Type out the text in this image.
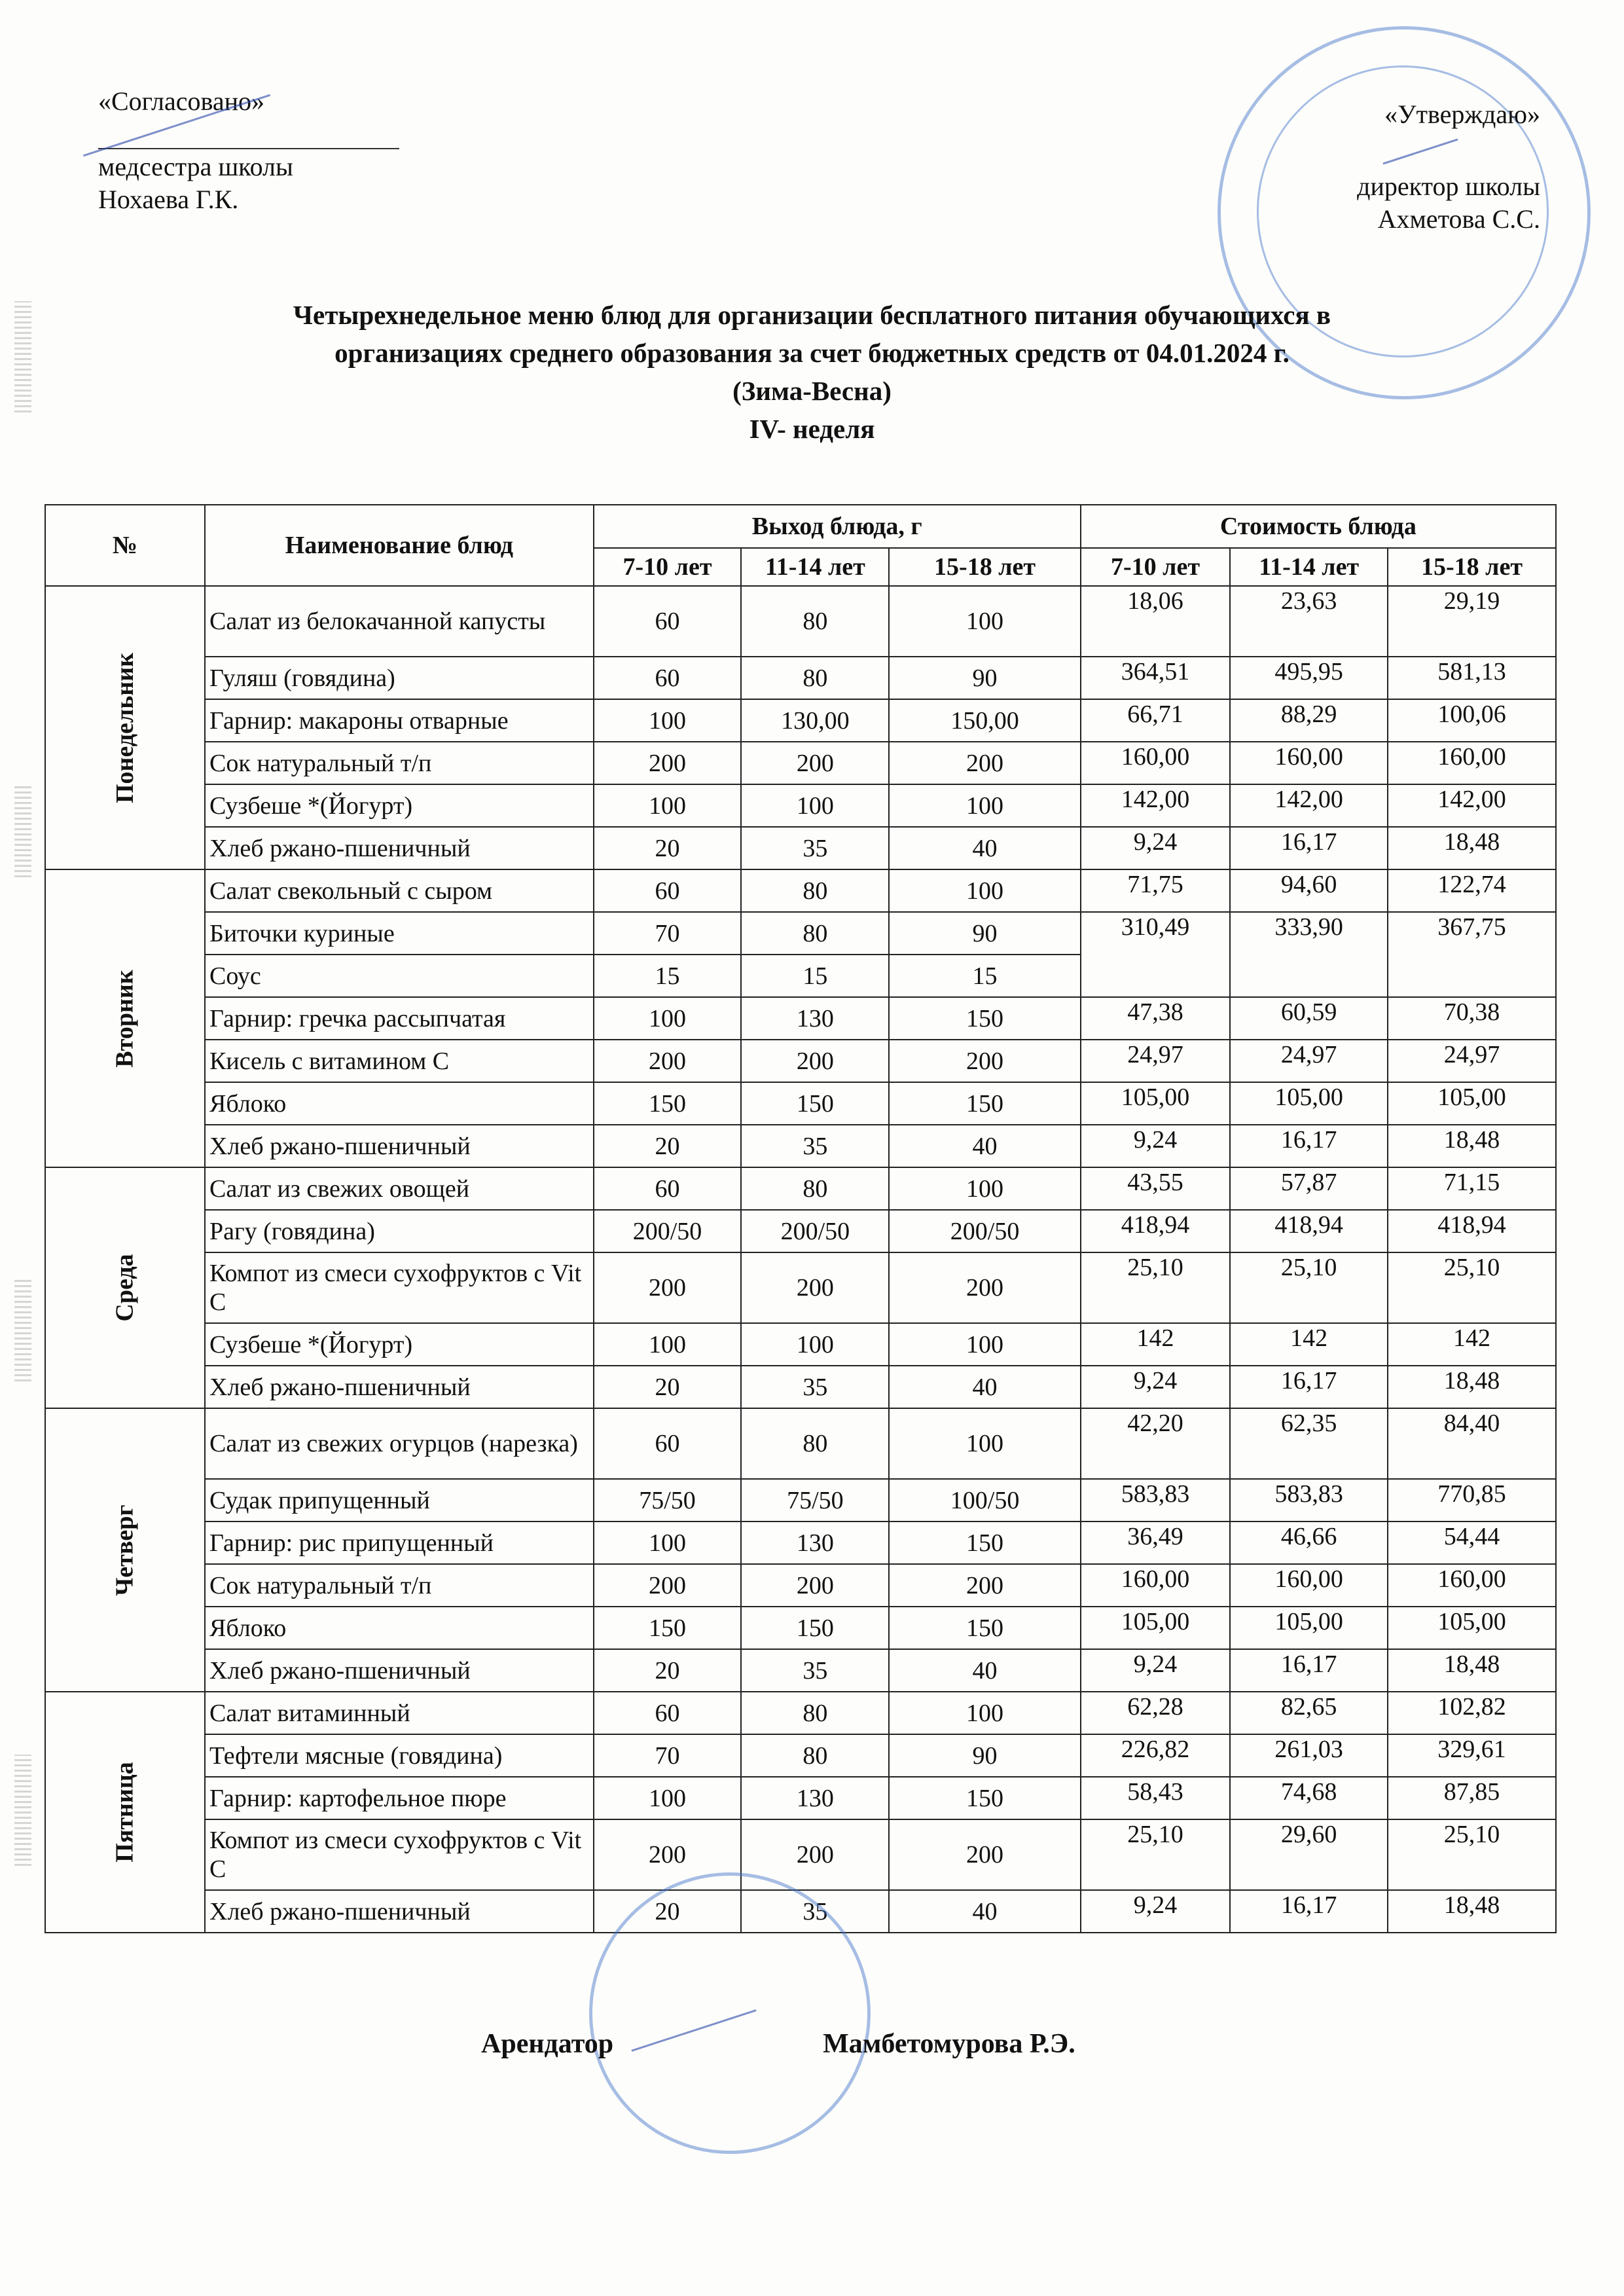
«Согласовано»
медсестра школы
Нохаева Г.К.
«Утверждаю»
директор школы
Ахметова С.С.
Четырехнедельное меню блюд для организации бесплатного питания обучающихся в
организациях среднего образования за счет бюджетных средств от 04.01.2024 г.
(Зима-Весна)
IV- неделя
№	Наименование блюд	Выход блюда, г			Стоимость блюда		
		7-10 лет	11-14 лет	15-18 лет	7-10 лет	11-14 лет	15-18 лет
Понедельник	Салат из белокачанной капусты	60	80	100	18,06	23,63	29,19
	Гуляш (говядина)	60	80	90	364,51	495,95	581,13
	Гарнир: макароны отварные	100	130,00	150,00	66,71	88,29	100,06
	Сок натуральный т/п	200	200	200	160,00	160,00	160,00
	Сузбеше *(Йогурт)	100	100	100	142,00	142,00	142,00
	Хлеб ржано-пшеничный	20	35	40	9,24	16,17	18,48
Вторник	Салат свекольный с сыром	60	80	100	71,75	94,60	122,74
	Биточки куриные	70	80	90	310,49	333,90	367,75
	Соус	15	15	15			
	Гарнир: гречка рассыпчатая	100	130	150	47,38	60,59	70,38
	Кисель с витамином С	200	200	200	24,97	24,97	24,97
	Яблоко	150	150	150	105,00	105,00	105,00
	Хлеб ржано-пшеничный	20	35	40	9,24	16,17	18,48
Среда	Салат из свежих овощей	60	80	100	43,55	57,87	71,15
	Рагу (говядина)	200/50	200/50	200/50	418,94	418,94	418,94
	Компот из смеси сухофруктов с Vit С	200	200	200	25,10	25,10	25,10
	Сузбеше *(Йогурт)	100	100	100	142	142	142
	Хлеб ржано-пшеничный	20	35	40	9,24	16,17	18,48
Четверг	Салат из свежих огурцов (нарезка)	60	80	100	42,20	62,35	84,40
	Судак припущенный	75/50	75/50	100/50	583,83	583,83	770,85
	Гарнир: рис припущенный	100	130	150	36,49	46,66	54,44
	Сок натуральный т/п	200	200	200	160,00	160,00	160,00
	Яблоко	150	150	150	105,00	105,00	105,00
	Хлеб ржано-пшеничный	20	35	40	9,24	16,17	18,48
Пятница	Салат витаминный	60	80	100	62,28	82,65	102,82
	Тефтели мясные (говядина)	70	80	90	226,82	261,03	329,61
	Гарнир: картофельное пюре	100	130	150	58,43	74,68	87,85
	Компот из смеси сухофруктов с Vit С	200	200	200	25,10	29,60	25,10
	Хлеб ржано-пшеничный	20	35	40	9,24	16,17	18,48
Арендатор	Мамбетомурова Р.Э.
